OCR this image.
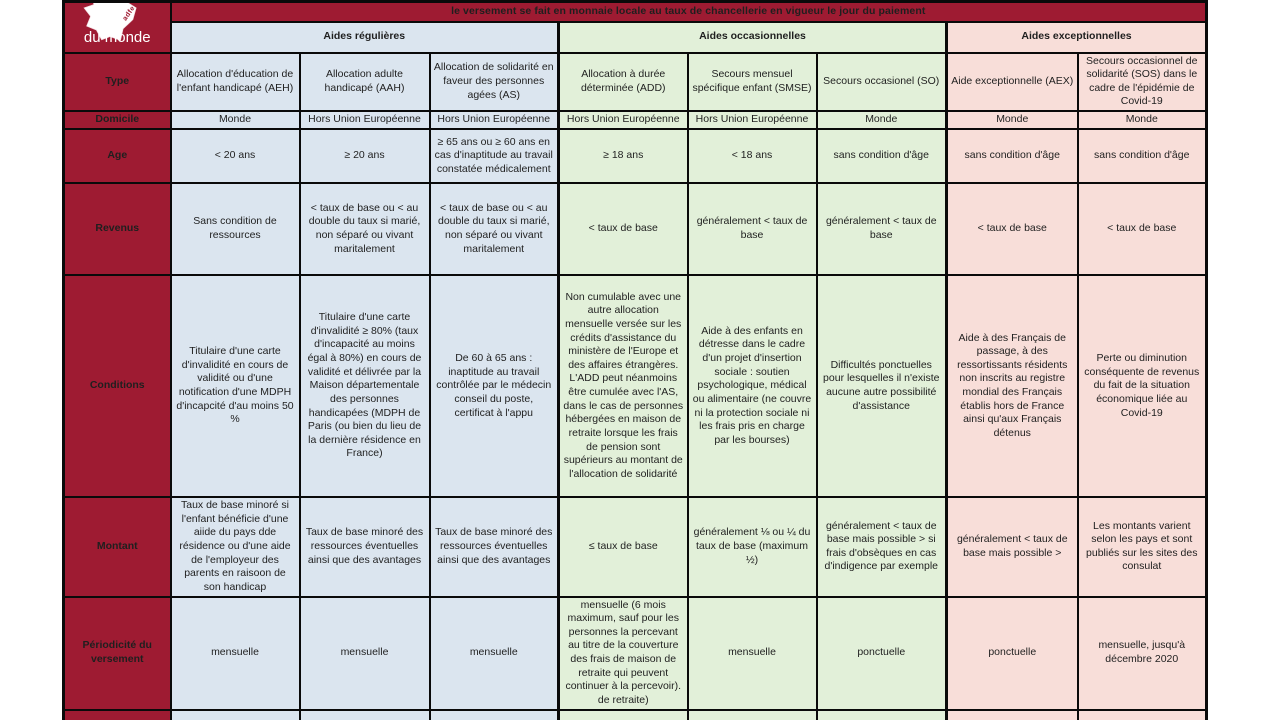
adfe
du monde	le versement se fait en monnaie locale au taux de chancellerie en vigueur le jour du paiement							
	Aides régulières			Aides occasionnelles			Aides exceptionnelles	
Type	Allocation d'éducation de l'enfant handicapé (AEH)	Allocation adulte handicapé (AAH)	Allocation de solidarité en faveur des personnes agées (AS)	Allocation à durée déterminée (ADD)	Secours mensuel spécifique enfant (SMSE)	Secours occasionel (SO)	Aide exceptionnelle (AEX)	Secours occasionnel de solidarité (SOS) dans le cadre de l'épidémie de Covid-19
Domicile	Monde	Hors Union Européenne	Hors Union Européenne	Hors Union Européenne	Hors Union Européenne	Monde	Monde	Monde
Age	< 20 ans	≥ 20 ans	≥ 65 ans ou ≥ 60 ans en cas d'inaptitude au travail constatée médicalement	≥ 18 ans	< 18 ans	sans condition d'âge	sans condition d'âge	sans condition d'âge
Revenus	Sans condition de ressources	< taux de base ou < au double du taux si marié, non séparé ou vivant maritalement	< taux de base ou < au double du taux si marié, non séparé ou vivant maritalement	< taux de base	généralement < taux de base	généralement < taux de base	< taux de base	< taux de base
Conditions	Titulaire d'une carte d'invalidité en cours de validité ou d'une notification d'une MDPH d'incapcité d'au moins 50 %	Titulaire d'une carte d'invalidité ≥ 80% (taux d'incapacité au moins égal à 80%) en cours de validité et délivrée par la Maison départementale des personnes handicapées (MDPH de Paris (ou bien du lieu de la dernière résidence en France)	De 60 à 65 ans : inaptitude au travail contrôlée par le médecin conseil du poste, certificat à l'appu	Non cumulable avec une autre allocation mensuelle versée sur les crédits d'assistance du ministère de l'Europe et des affaires étrangères. L'ADD peut néanmoins être cumulée avec l'AS, dans le cas de personnes hébergées en maison de retraite lorsque les frais de pension sont supérieurs au montant de l'allocation de solidarité	Aide à des enfants en détresse dans le cadre d'un projet d'insertion sociale : soutien psychologique, médical ou alimentaire (ne couvre ni la protection sociale ni les frais pris en charge par les bourses)	Difficultés ponctuelles pour lesquelles il n'existe aucune autre possibilité d'assistance	Aide à des Français de passage, à des ressortissants résidents non inscrits au registre mondial des Français établis hors de France ainsi qu'aux Français détenus	Perte ou diminution conséquente de revenus du fait de la situation économique liée au Covid-19
Montant	Taux de base minoré si l'enfant bénéficie d'une aiide du pays dde résidence ou d'une aide de l'employeur des parents en raisoon de son handicap	Taux de base minoré des ressources éventuelles ainsi que des avantages	Taux de base minoré des ressources éventuelles ainsi que des avantages	≤ taux de base	généralement ⅛ ou ¼ du taux de base (maximum ½)	généralement < taux de base mais possible > si frais d'obsèques en cas d'indigence par exemple	généralement < taux de base mais possible >	Les montants varient selon les pays et sont publiés sur les sites des consulat
Périodicité du versement	mensuelle	mensuelle	mensuelle	mensuelle (6 mois maximum, sauf pour les personnes la percevant au titre de la couverture des frais de maison de retraite qui peuvent continuer à la percevoir). de retraite)	mensuelle	ponctuelle	ponctuelle	mensuelle, jusqu'à décembre 2020
